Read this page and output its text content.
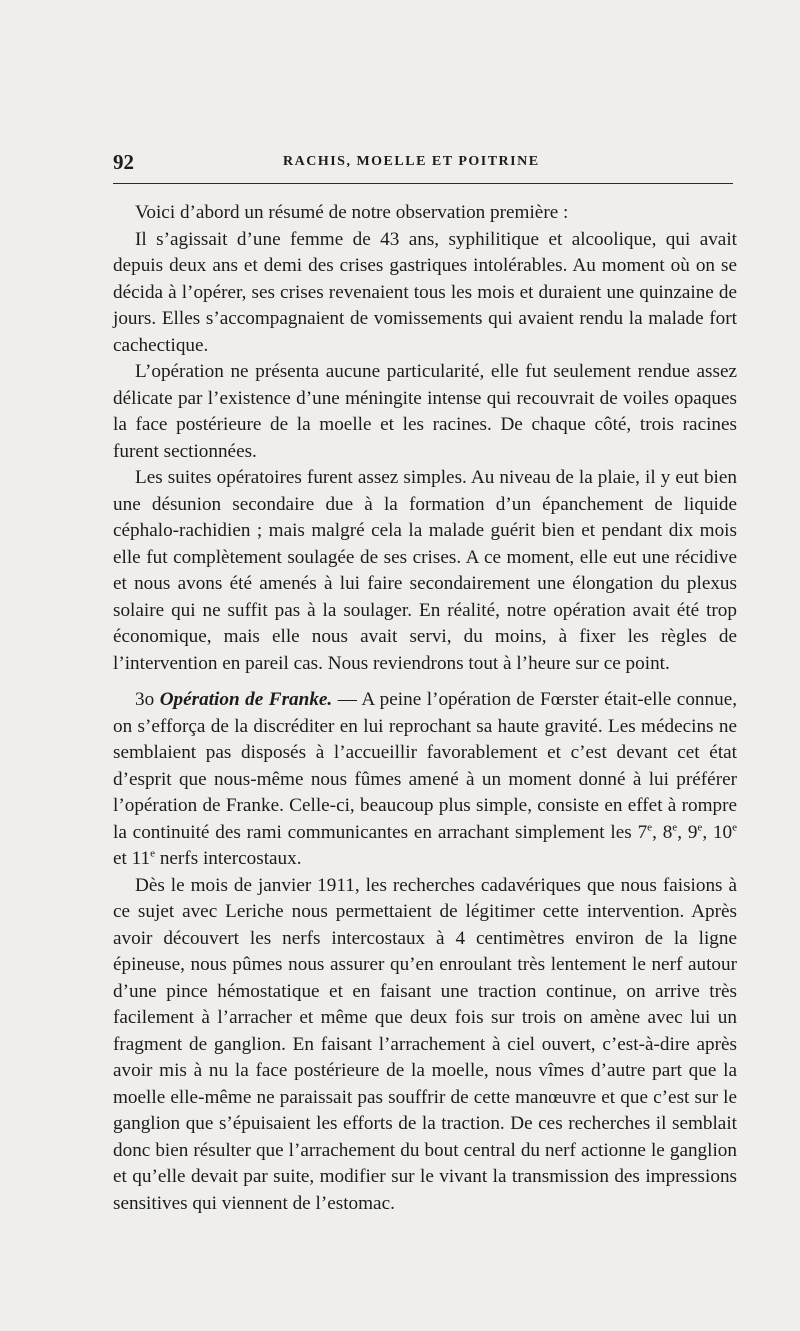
92	RACHIS, MOELLE ET POITRINE

Voici d’abord un résumé de notre observation première :

Il s’agissait d’une femme de 43 ans, syphilitique et alcoolique, qui avait depuis deux ans et demi des crises gastriques intolérables. Au moment où on se décida à l’opérer, ses crises revenaient tous les mois et duraient une quinzaine de jours. Elles s’accompagnaient de vomissements qui avaient rendu la malade fort cachectique.

L’opération ne présenta aucune particularité, elle fut seulement rendue assez délicate par l’existence d’une méningite intense qui recouvrait de voiles opaques la face postérieure de la moelle et les racines. De chaque côté, trois racines furent sectionnées.

Les suites opératoires furent assez simples. Au niveau de la plaie, il y eut bien une désunion secondaire due à la formation d’un épanchement de liquide céphalo-rachidien ; mais malgré cela la malade guérit bien et pendant dix mois elle fut complètement soulagée de ses crises. A ce moment, elle eut une récidive et nous avons été amenés à lui faire secondairement une élongation du plexus solaire qui ne suffit pas à la soulager. En réalité, notre opération avait été trop économique, mais elle nous avait servi, du moins, à fixer les règles de l’intervention en pareil cas. Nous reviendrons tout à l’heure sur ce point.

3o Opération de Franke. — A peine l’opération de Fœrster était-elle connue, on s’efforça de la discréditer en lui reprochant sa haute gravité. Les médecins ne semblaient pas disposés à l’accueillir favorablement et c’est devant cet état d’esprit que nous-même nous fûmes amené à un moment donné à lui préférer l’opération de Franke. Celle-ci, beaucoup plus simple, consiste en effet à rompre la continuité des rami communicantes en arrachant simplement les 7e, 8e, 9e, 10e et 11e nerfs intercostaux.

Dès le mois de janvier 1911, les recherches cadavériques que nous faisions à ce sujet avec Leriche nous permettaient de légitimer cette intervention. Après avoir découvert les nerfs intercostaux à 4 centimètres environ de la ligne épineuse, nous pûmes nous assurer qu’en enroulant très lentement le nerf autour d’une pince hémostatique et en faisant une traction continue, on arrive très facilement à l’arracher et même que deux fois sur trois on amène avec lui un fragment de ganglion. En faisant l’arrachement à ciel ouvert, c’est-à-dire après avoir mis à nu la face postérieure de la moelle, nous vîmes d’autre part que la moelle elle-même ne paraissait pas souffrir de cette manœuvre et que c’est sur le ganglion que s’épuisaient les efforts de la traction. De ces recherches il semblait donc bien résulter que l’arrachement du bout central du nerf actionne le ganglion et qu’elle devait par suite, modifier sur le vivant la transmission des impressions sensitives qui viennent de l’estomac.
